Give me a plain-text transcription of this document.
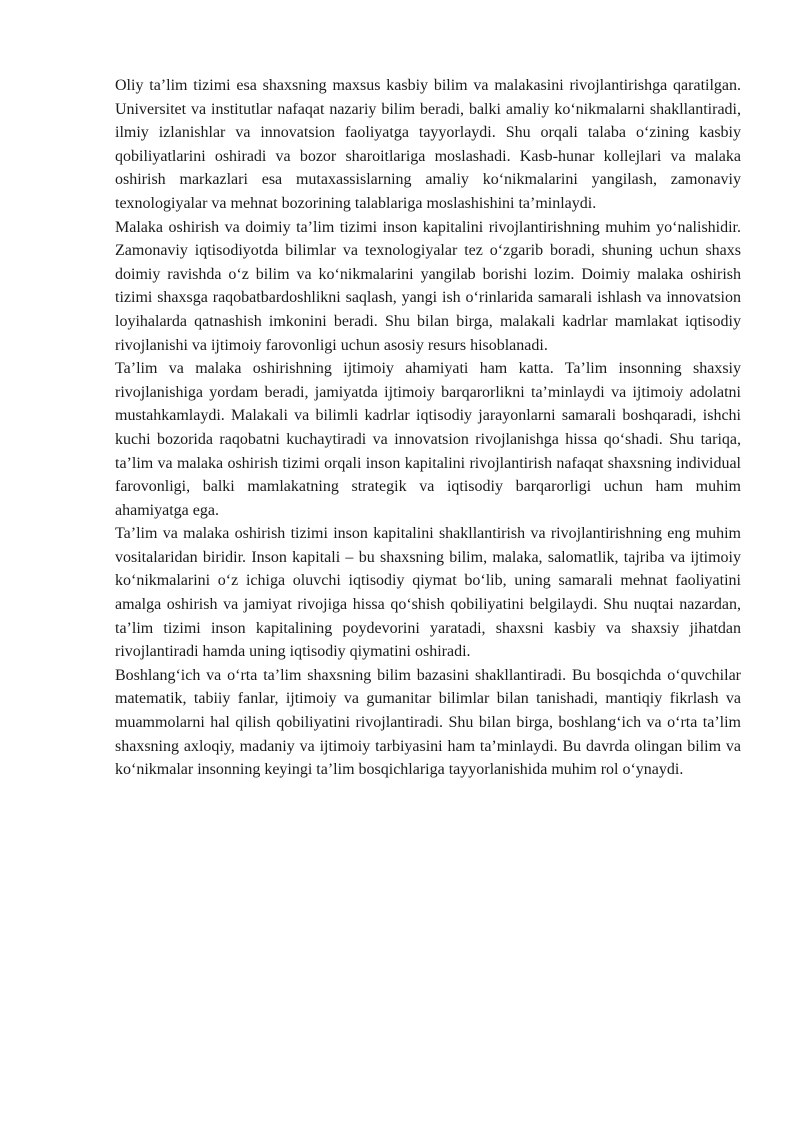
Oliy ta’lim tizimi esa shaxsning maxsus kasbiy bilim va malakasini rivojlantirishga qaratilgan. Universitet va institutlar nafaqat nazariy bilim beradi, balki amaliy ko‘nikmalarni shakllantiradi, ilmiy izlanishlar va innovatsion faoliyatga tayyorlaydi. Shu orqali talaba o‘zining kasbiy qobiliyatlarini oshiradi va bozor sharoitlariga moslashadi. Kasb-hunar kollejlari va malaka oshirish markazlari esa mutaxassislarning amaliy ko‘nikmalarini yangilash, zamonaviy texnologiyalar va mehnat bozorining talablariga moslashishini ta’minlaydi.

Malaka oshirish va doimiy ta’lim tizimi inson kapitalini rivojlantirishning muhim yo‘nalishidir. Zamonaviy iqtisodiyotda bilimlar va texnologiyalar tez o‘zgarib boradi, shuning uchun shaxs doimiy ravishda o‘z bilim va ko‘nikmalarini yangilab borishi lozim. Doimiy malaka oshirish tizimi shaxsga raqobatbardoshlikni saqlash, yangi ish o‘rinlarida samarali ishlash va innovatsion loyihalarda qatnashish imkonini beradi. Shu bilan birga, malakali kadrlar mamlakat iqtisodiy rivojlanishi va ijtimoiy farovonligi uchun asosiy resurs hisoblanadi.

Ta’lim va malaka oshirishning ijtimoiy ahamiyati ham katta. Ta’lim insonning shaxsiy rivojlanishiga yordam beradi, jamiyatda ijtimoiy barqarorlikni ta’minlaydi va ijtimoiy adolatni mustahkamlaydi. Malakali va bilimli kadrlar iqtisodiy jarayonlarni samarali boshqaradi, ishchi kuchi bozorida raqobatni kuchaytiradi va innovatsion rivojlanishga hissa qo‘shadi. Shu tariqa, ta’lim va malaka oshirish tizimi orqali inson kapitalini rivojlantirish nafaqat shaxsning individual farovonligi, balki mamlakatning strategik va iqtisodiy barqarorligi uchun ham muhim ahamiyatga ega.

Ta’lim va malaka oshirish tizimi inson kapitalini shakllantirish va rivojlantirishning eng muhim vositalaridan biridir. Inson kapitali – bu shaxsning bilim, malaka, salomatlik, tajriba va ijtimoiy ko‘nikmalarini o‘z ichiga oluvchi iqtisodiy qiymat bo‘lib, uning samarali mehnat faoliyatini amalga oshirish va jamiyat rivojiga hissa qo‘shish qobiliyatini belgilaydi. Shu nuqtai nazardan, ta’lim tizimi inson kapitalining poydevorini yaratadi, shaxsni kasbiy va shaxsiy jihatdan rivojlantiradi hamda uning iqtisodiy qiymatini oshiradi.

Boshlang‘ich va o‘rta ta’lim shaxsning bilim bazasini shakllantiradi. Bu bosqichda o‘quvchilar matematik, tabiiy fanlar, ijtimoiy va gumanitar bilimlar bilan tanishadi, mantiqiy fikrlash va muammolarni hal qilish qobiliyatini rivojlantiradi. Shu bilan birga, boshlang‘ich va o‘rta ta’lim shaxsning axloqiy, madaniy va ijtimoiy tarbiyasini ham ta’minlaydi. Bu davrda olingan bilim va ko‘nikmalar insonning keyingi ta’lim bosqichlariga tayyorlanishida muhim rol o‘ynaydi.
